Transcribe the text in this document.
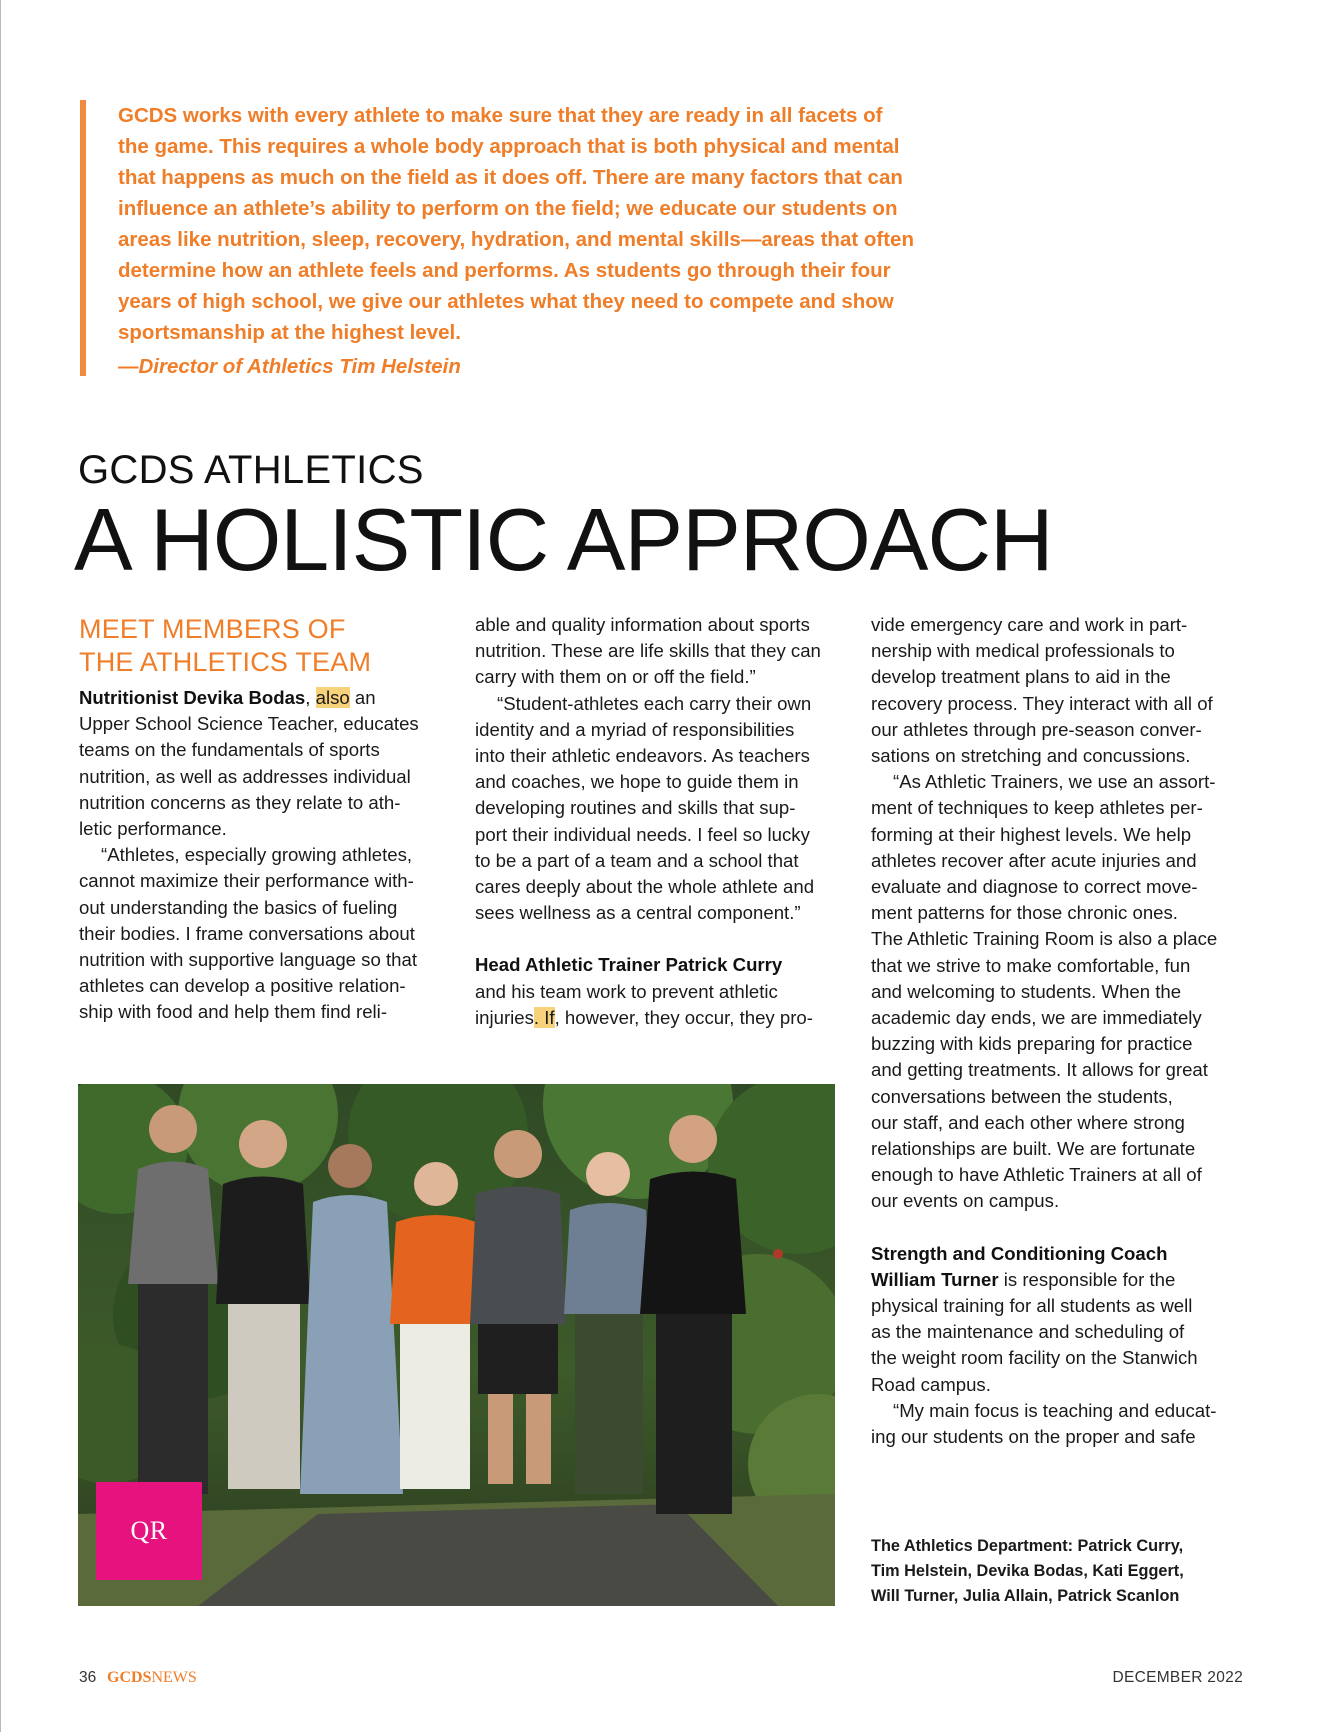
GCDS works with every athlete to make sure that they are ready in all facets of

the game. This requires a whole body approach that is both physical and mental

that happens as much on the field as it does off. There are many factors that can

influence an athlete’s ability to perform on the field; we educate our students on

areas like nutrition, sleep, recovery, hydration, and mental skills—areas that often

determine how an athlete feels and performs. As students go through their four

years of high school, we give our athletes what they need to compete and show

sportsmanship at the highest level.

—Director of Athletics Tim Helstein

GCDS ATHLETICS
A HOLISTIC APPROACH
MEET MEMBERS OF
THE ATHLETICS TEAM

Nutritionist Devika Bodas, also an

Upper School Science Teacher, educates

teams on the fundamentals of sports

nutrition, as well as addresses individual

nutrition concerns as they relate to ath-

letic performance.

“Athletes, especially growing athletes,

cannot maximize their performance with-

out understanding the basics of fueling

their bodies. I frame conversations about

nutrition with supportive language so that

athletes can develop a positive relation-

ship with food and help them find reli-

able and quality information about sports

nutrition. These are life skills that they can

carry with them on or off the field.”

“Student-athletes each carry their own

identity and a myriad of responsibilities

into their athletic endeavors. As teachers

and coaches, we hope to guide them in

developing routines and skills that sup-

port their individual needs. I feel so lucky

to be a part of a team and a school that

cares deeply about the whole athlete and

sees wellness as a central component.”

Head Athletic Trainer Patrick Curry

and his team work to prevent athletic

injuries. If, however, they occur, they pro-

vide emergency care and work in part-

nership with medical professionals to

develop treatment plans to aid in the

recovery process. They interact with all of

our athletes through pre-season conver-

sations on stretching and concussions.

“As Athletic Trainers, we use an assort-

ment of techniques to keep athletes per-

forming at their highest levels. We help

athletes recover after acute injuries and

evaluate and diagnose to correct move-

ment patterns for those chronic ones.

The Athletic Training Room is also a place

that we strive to make comfortable, fun

and welcoming to students. When the

academic day ends, we are immediately

buzzing with kids preparing for practice

and getting treatments. It allows for great

conversations between the students,

our staff, and each other where strong

relationships are built. We are fortunate

enough to have Athletic Trainers at all of

our events on campus.

Strength and Conditioning Coach

William Turner is responsible for the

physical training for all students as well

as the maintenance and scheduling of

the weight room facility on the Stanwich

Road campus.

“My main focus is teaching and educat-

ing our students on the proper and safe

QR
The Athletics Department: Patrick Curry,
Tim Helstein, Devika Bodas, Kati Eggert,
Will Turner, Julia Allain, Patrick Scanlon
36 GCDSNEWS	DECEMBER 2022
